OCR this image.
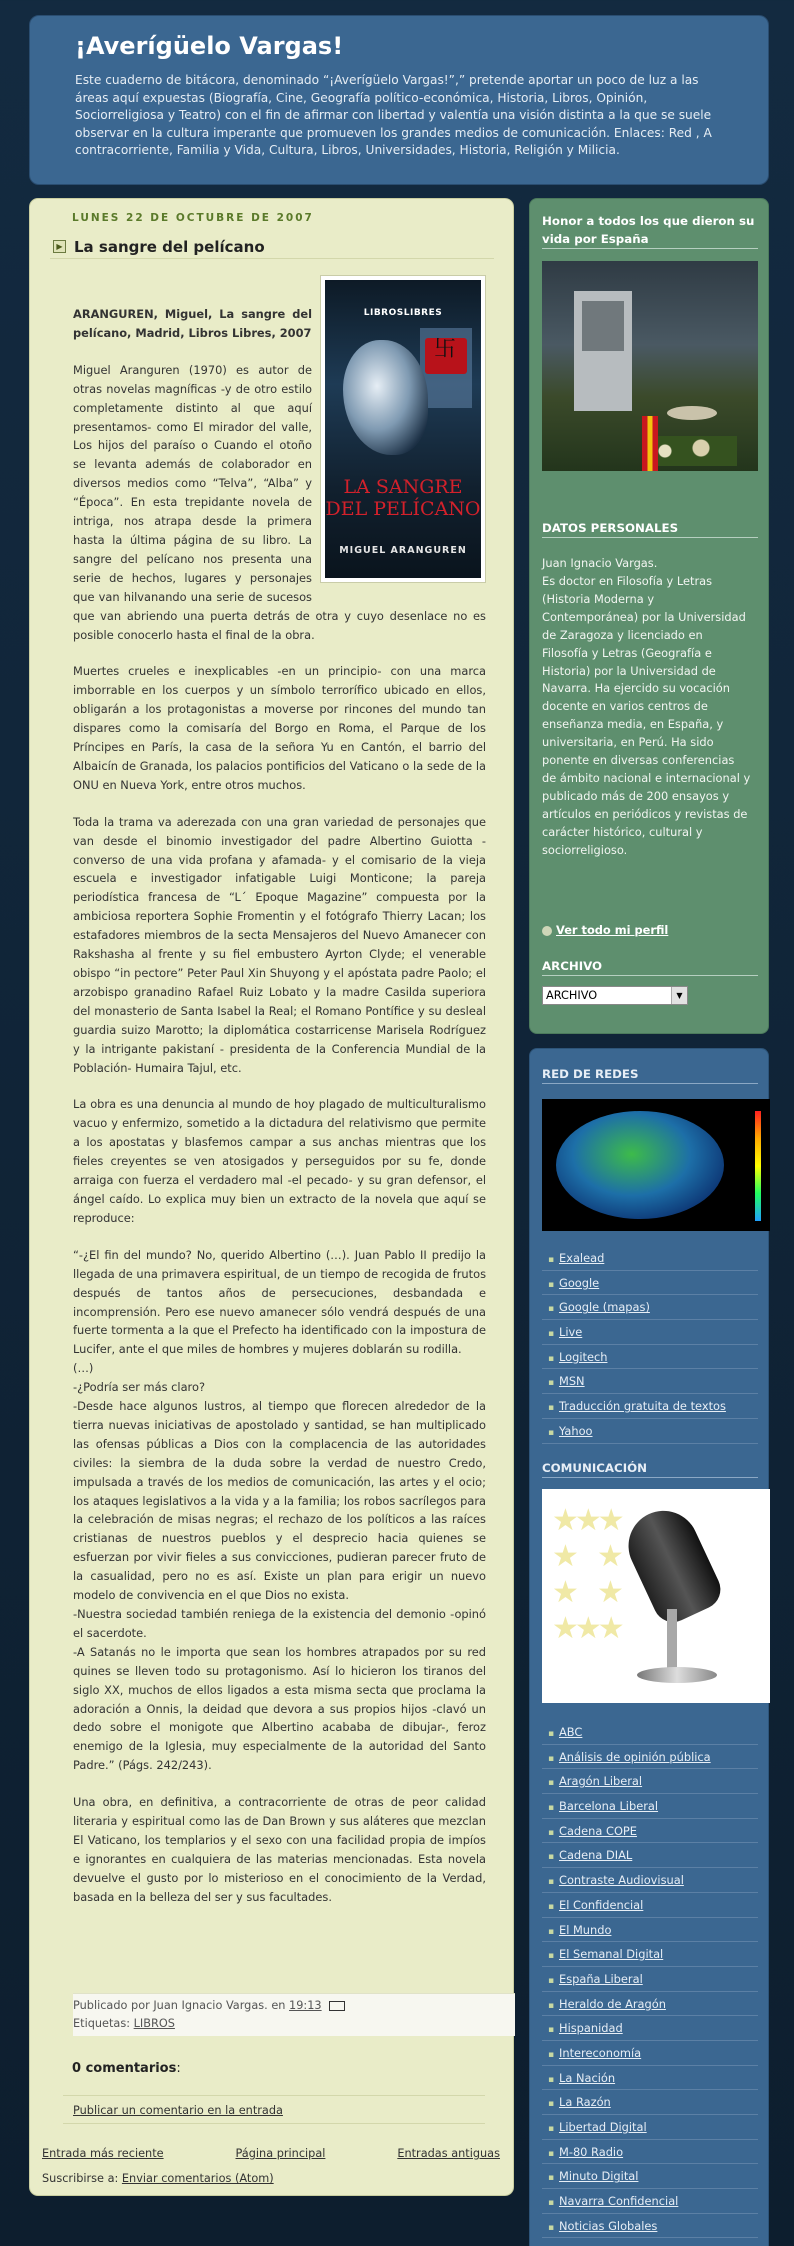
¡Averígüelo Vargas!

Este cuaderno de bitácora, denominado “¡Averígüelo Vargas!”,” pretende aportar un poco de luz a las áreas aquí expuestas (Biografía, Cine, Geografía político-económica, Historia, Libros, Opinión, Sociorreligiosa y Teatro) con el fin de afirmar con libertad y valentía una visión distinta a la que se suele observar en la cultura imperante que promueven los grandes medios de comunicación. Enlaces: Red , A contracorriente, Familia y Vida, Cultura, Libros, Universidades, Historia, Religión y Milicia.

LUNES 22 DE OCTUBRE DE 2007
▶ La sangre del pelícano
LIBROSLIBRES
卐
LA SANGRE DEL PELÍCANO
MIGUEL ARANGUREN

ARANGUREN, Miguel, La sangre del pelícano, Madrid, Libros Libres, 2007

Miguel Aranguren (1970) es autor de otras novelas magníficas -y de otro estilo completamente distinto al que aquí presentamos- como El mirador del valle, Los hijos del paraíso o Cuando el otoño se levanta además de colaborador en diversos medios como “Telva”, “Alba” y “Época”. En esta trepidante novela de intriga, nos atrapa desde la primera hasta la última página de su libro. La sangre del pelícano nos presenta una serie de hechos, lugares y personajes que van hilvanando una serie de sucesos que van abriendo una puerta detrás de otra y cuyo desenlace no es posible conocerlo hasta el final de la obra.

Muertes crueles e inexplicables -en un principio- con una marca imborrable en los cuerpos y un símbolo terrorífico ubicado en ellos, obligarán a los protagonistas a moverse por rincones del mundo tan dispares como la comisaría del Borgo en Roma, el Parque de los Príncipes en París, la casa de la señora Yu en Cantón, el barrio del Albaicín de Granada, los palacios pontificios del Vaticano o la sede de la ONU en Nueva York, entre otros muchos.

Toda la trama va aderezada con una gran variedad de personajes que van desde el binomio investigador del padre Albertino Guiotta -converso de una vida profana y afamada- y el comisario de la vieja escuela e investigador infatigable Luigi Monticone; la pareja periodística francesa de “L´ Epoque Magazine” compuesta por la ambiciosa reportera Sophie Fromentin y el fotógrafo Thierry Lacan; los estafadores miembros de la secta Mensajeros del Nuevo Amanecer con Rakshasha al frente y su fiel embustero Ayrton Clyde; el venerable obispo “in pectore” Peter Paul Xin Shuyong y el apóstata padre Paolo; el arzobispo granadino Rafael Ruiz Lobato y la madre Casilda superiora del monasterio de Santa Isabel la Real; el Romano Pontífice y su desleal guardia suizo Marotto; la diplomática costarricense Marisela Rodríguez y la intrigante pakistaní - presidenta de la Conferencia Mundial de la Población- Humaira Tajul, etc.

La obra es una denuncia al mundo de hoy plagado de multiculturalismo vacuo y enfermizo, sometido a la dictadura del relativismo que permite a los apostatas y blasfemos campar a sus anchas mientras que los fieles creyentes se ven atosigados y perseguidos por su fe, donde arraiga con fuerza el verdadero mal -el pecado- y su gran defensor, el ángel caído. Lo explica muy bien un extracto de la novela que aquí se reproduce:

“-¿El fin del mundo? No, querido Albertino (…). Juan Pablo II predijo la llegada de una primavera espiritual, de un tiempo de recogida de frutos después de tantos años de persecuciones, desbandada e incomprensión. Pero ese nuevo amanecer sólo vendrá después de una fuerte tormenta a la que el Prefecto ha identificado con la impostura de Lucifer, ante el que miles de hombres y mujeres doblarán su rodilla.

(…)

-¿Podría ser más claro?

-Desde hace algunos lustros, al tiempo que florecen alrededor de la tierra nuevas iniciativas de apostolado y santidad, se han multiplicado las ofensas públicas a Dios con la complacencia de las autoridades civiles: la siembra de la duda sobre la verdad de nuestro Credo, impulsada a través de los medios de comunicación, las artes y el ocio; los ataques legislativos a la vida y a la familia; los robos sacrílegos para la celebración de misas negras; el rechazo de los políticos a las raíces cristianas de nuestros pueblos y el desprecio hacia quienes se esfuerzan por vivir fieles a sus convicciones, pudieran parecer fruto de la casualidad, pero no es así. Existe un plan para erigir un nuevo modelo de convivencia en el que Dios no exista.

-Nuestra sociedad también reniega de la existencia del demonio -opinó el sacerdote.

-A Satanás no le importa que sean los hombres atrapados por su red quines se lleven todo su protagonismo. Así lo hicieron los tiranos del siglo XX, muchos de ellos ligados a esta misma secta que proclama la adoración a Onnis, la deidad que devora a sus propios hijos -clavó un dedo sobre el monigote que Albertino acababa de dibujar-, feroz enemigo de la Iglesia, muy especialmente de la autoridad del Santo Padre.” (Págs. 242/243).

Una obra, en definitiva, a contracorriente de otras de peor calidad literaria y espiritual como las de Dan Brown y sus aláteres que mezclan El Vaticano, los templarios y el sexo con una facilidad propia de impíos e ignorantes en cualquiera de las materias mencionadas. Esta novela devuelve el gusto por lo misterioso en el conocimiento de la Verdad, basada en la belleza del ser y sus facultades.

Publicado por Juan Ignacio Vargas. en 19:13
Etiquetas: LIBROS
0 comentarios:
Publicar un comentario en la entrada
Entrada más reciente	Página principal	Entradas antiguas
Suscribirse a: Enviar comentarios (Atom)
Honor a todos los que dieron su vida por España
DATOS PERSONALES
Juan Ignacio Vargas.
Es doctor en Filosofía y Letras (Historia Moderna y Contemporánea) por la Universidad de Zaragoza y licenciado en Filosofía y Letras (Geografía e Historia) por la Universidad de Navarra. Ha ejercido su vocación docente en varios centros de enseñanza media, en España, y universitaria, en Perú. Ha sido ponente en diversas conferencias de ámbito nacional e internacional y publicado más de 200 ensayos y artículos en periódicos y revistas de carácter histórico, cultural y sociorreligioso.
Ver todo mi perfil
ARCHIVO
ARCHIVO	▼
RED DE REDES
▪ Exalead
▪ Google
▪ Google (mapas)
▪ Live
▪ Logitech
▪ MSN
▪ Traducción gratuita de textos
▪ Yahoo
COMUNICACIÓN
★★★
★    ★
★    ★
★★★
▪ ABC
▪ Análisis de opinión pública
▪ Aragón Liberal
▪ Barcelona Liberal
▪ Cadena COPE
▪ Cadena DIAL
▪ Contraste Audiovisual
▪ El Confidencial
▪ El Mundo
▪ El Semanal Digital
▪ España Liberal
▪ Heraldo de Aragón
▪ Hispanidad
▪ Intereconomía
▪ La Nación
▪ La Razón
▪ Libertad Digital
▪ M-80 Radio
▪ Minuto Digital
▪ Navarra Confidencial
▪ Noticias Globales
